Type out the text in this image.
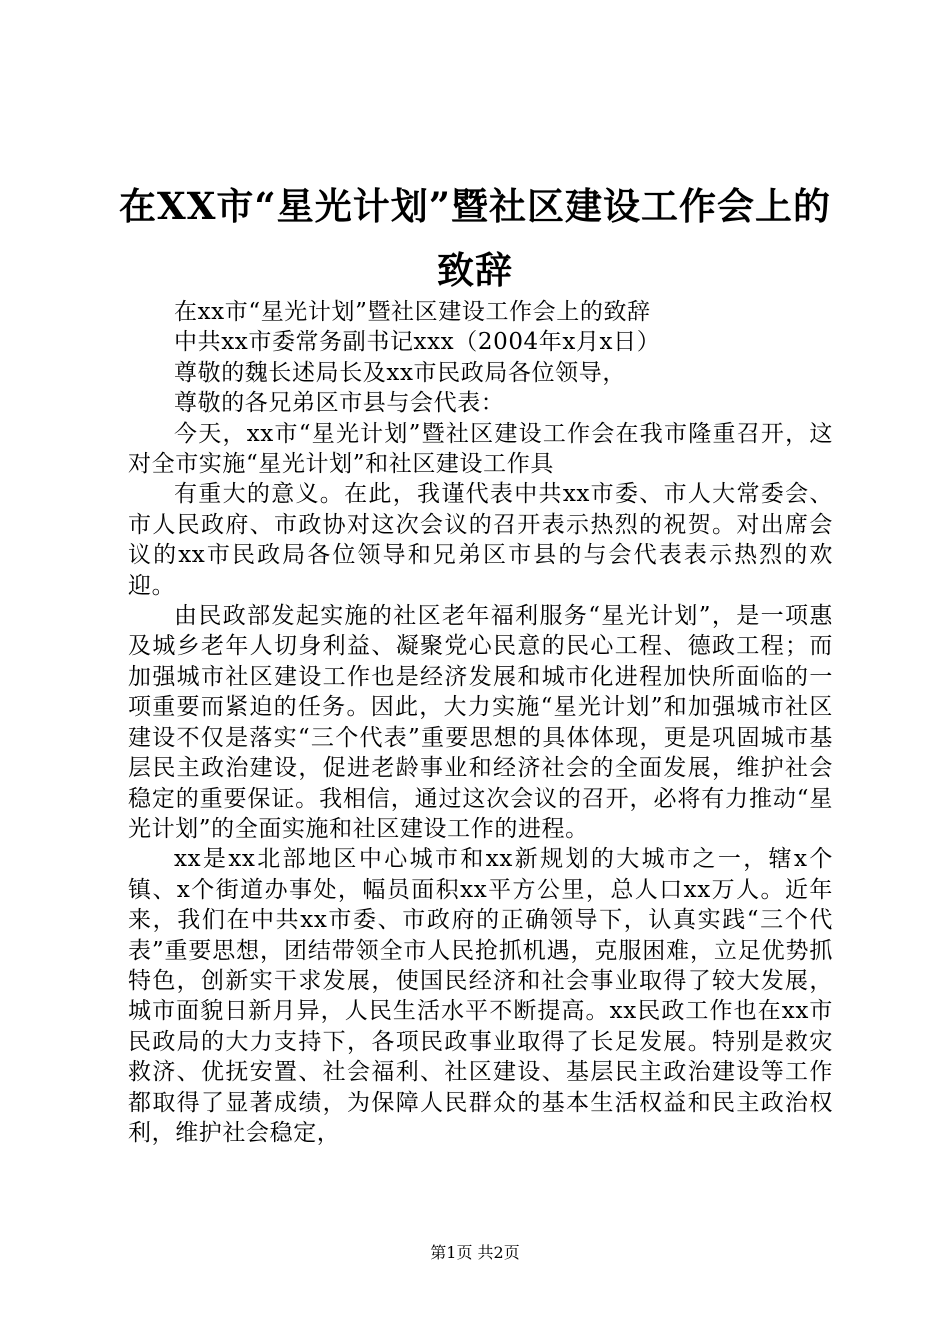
在XX市“星光计划”暨社区建设工作会上的
致辞

在xx市“星光计划”暨社区建设工作会上的致辞

中共xx市委常务副书记xxx（2004年x月x日）

尊敬的魏长述局长及xx市民政局各位领导，

尊敬的各兄弟区市县与会代表：

今天，xx市“星光计划”暨社区建设工作会在我市隆重召开，这对全市实施“星光计划”和社区建设工作具

有重大的意义。在此，我谨代表中共xx市委、市人大常委会、市人民政府、市政协对这次会议的召开表示热烈的祝贺。对出席会议的xx市民政局各位领导和兄弟区市县的与会代表表示热烈的欢迎。

由民政部发起实施的社区老年福利服务“星光计划”，是一项惠及城乡老年人切身利益、凝聚党心民意的民心工程、德政工程；而加强城市社区建设工作也是经济发展和城市化进程加快所面临的一项重要而紧迫的任务。因此，大力实施“星光计划”和加强城市社区建设不仅是落实“三个代表”重要思想的具体体现，更是巩固城市基层民主政治建设，促进老龄事业和经济社会的全面发展，维护社会稳定的重要保证。我相信，通过这次会议的召开，必将有力推动“星光计划”的全面实施和社区建设工作的进程。

xx是xx北部地区中心城市和xx新规划的大城市之一，辖x个镇、x个街道办事处，幅员面积xx平方公里，总人口xx万人。近年来，我们在中共xx市委、市政府的正确领导下，认真实践“三个代表”重要思想，团结带领全市人民抢抓机遇，克服困难，立足优势抓特色，创新实干求发展，使国民经济和社会事业取得了较大发展，城市面貌日新月异，人民生活水平不断提高。xx民政工作也在xx市民政局的大力支持下，各项民政事业取得了长足发展。特别是救灾救济、优抚安置、社会福利、社区建设、基层民主政治建设等工作都取得了显著成绩，为保障人民群众的基本生活权益和民主政治权利，维护社会稳定，

第1页 共2页
